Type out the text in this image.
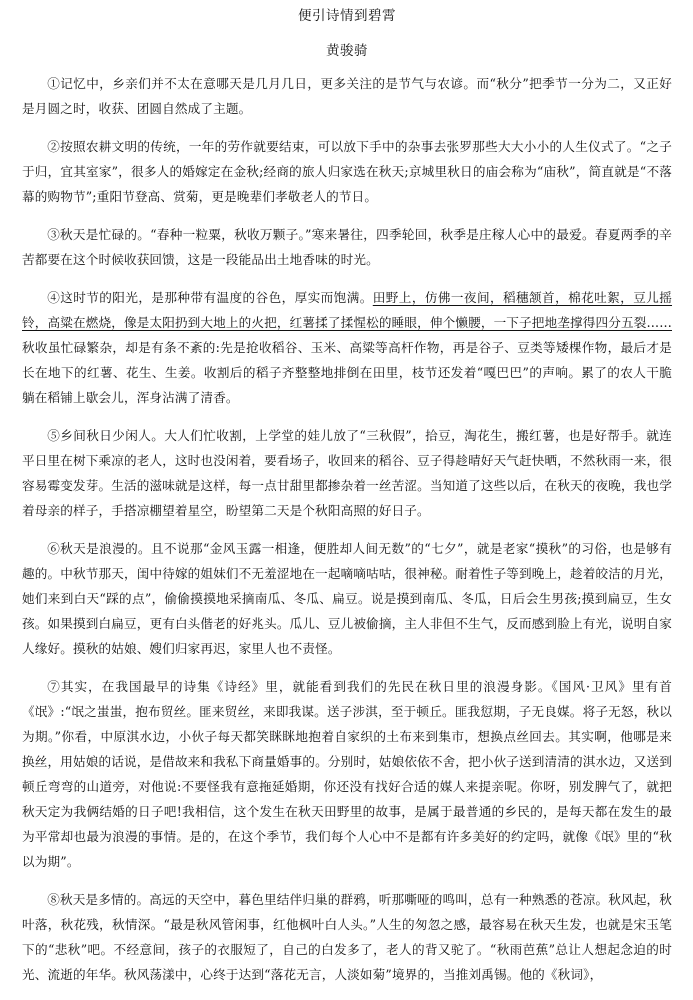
便引诗情到碧霄
黄骏骑

①记忆中，乡亲们并不太在意哪天是几月几日，更多关注的是节气与农谚。而“秋分”把季节一分为二，又正好是月圆之时，收获、团圆自然成了主题。

②按照农耕文明的传统，一年的劳作就要结束，可以放下手中的杂事去张罗那些大大小小的人生仪式了。“之子于归，宜其室家”，很多人的婚嫁定在金秋;经商的旅人归家选在秋天;京城里秋日的庙会称为“庙秋”，简直就是“不落幕的购物节”;重阳节登高、赏菊，更是晚辈们孝敬老人的节日。

③秋天是忙碌的。“春种一粒粟，秋收万颗子。”寒来暑往，四季轮回，秋季是庄稼人心中的最爱。春夏两季的辛苦都要在这个时候收获回馈，这是一段能品出土地香味的时光。

④这时节的阳光，是那种带有温度的谷色，厚实而饱满。田野上，仿佛一夜间，稻穗颔首，棉花吐絮，豆儿摇铃，高粱在燃烧，像是太阳扔到大地上的火把，红薯揉了揉惺松的睡眼，伸个懒腰，一下子把地垄撑得四分五裂……秋收虽忙碌繁杂，却是有条不紊的:先是抢收稻谷、玉米、高粱等高杆作物，再是谷子、豆类等矮棵作物，最后才是长在地下的红薯、花生、生姜。收割后的稻子齐整整地排倒在田里，枝节还发着“嘎巴巴”的声响。累了的农人干脆躺在稻铺上歇会儿，浑身沾满了清香。

⑤乡间秋日少闲人。大人们忙收割，上学堂的娃儿放了“三秋假”，拾豆，淘花生，搬红薯，也是好帮手。就连平日里在树下乘凉的老人，这时也没闲着，要看场子，收回来的稻谷、豆子得趁晴好天气赶快晒，不然秋雨一来，很容易霉变发芽。生活的滋味就是这样，每一点甘甜里都掺杂着一丝苦涩。当知道了这些以后，在秋天的夜晚，我也学着母亲的样子，手搭凉棚望着星空，盼望第二天是个秋阳高照的好日子。

⑥秋天是浪漫的。且不说那“金风玉露一相逢，便胜却人间无数”的“七夕”，就是老家“摸秋”的习俗，也是够有趣的。中秋节那天，闺中待嫁的姐妹们不无羞涩地在一起嘀嘀咕咕，很神秘。耐着性子等到晚上，趁着皎洁的月光，她们来到白天“踩的点”，偷偷摸摸地采摘南瓜、冬瓜、扁豆。说是摸到南瓜、冬瓜，日后会生男孩;摸到扁豆，生女孩。如果摸到白扁豆，更有白头偕老的好兆头。瓜儿、豆儿被偷摘，主人非但不生气，反而感到脸上有光，说明自家人缘好。摸秋的姑娘、嫂们归家再迟，家里人也不责怪。

⑦其实，在我国最早的诗集《诗经》里，就能看到我们的先民在秋日里的浪漫身影。《国风·卫风》里有首《氓》:“氓之蚩蚩，抱布贸丝。匪来贸丝，来即我谋。送子涉淇，至于顿丘。匪我愆期，子无良媒。将子无怒，秋以为期。”你看，中原淇水边，小伙子每天都笑眯眯地抱着自家织的土布来到集市，想换点丝回去。其实啊，他哪是来换丝，用姑娘的话说，是借故来和我私下商量婚事的。分别时，姑娘依依不舍，把小伙子送到清清的淇水边，又送到顿丘弯弯的山道旁，对他说:不要怪我有意拖延婚期，你还没有找好合适的媒人来提亲呢。你呀，别发脾气了，就把秋天定为我俩结婚的日子吧!我相信，这个发生在秋天田野里的故事，是属于最普通的乡民的，是每天都在发生的最为平常却也最为浪漫的事情。是的，在这个季节，我们每个人心中不是都有许多美好的约定吗，就像《氓》里的“秋以为期”。

⑧秋天是多情的。高远的天空中，暮色里结伴归巢的群鸦，听那嘶哑的鸣叫，总有一种熟悉的苍凉。秋风起，秋叶落，秋花残，秋情深。“最是秋风管闲事，红他枫叶白人头。”人生的匆忽之感，最容易在秋天生发，也就是宋玉笔下的“悲秋”吧。不经意间，孩子的衣服短了，自己的白发多了，老人的背又驼了。“秋雨芭蕉”总让人想起念迫的时光、流逝的年华。秋风荡漾中，心终于达到“落花无言，人淡如菊”境界的，当推刘禹锡。他的《秋词》，
